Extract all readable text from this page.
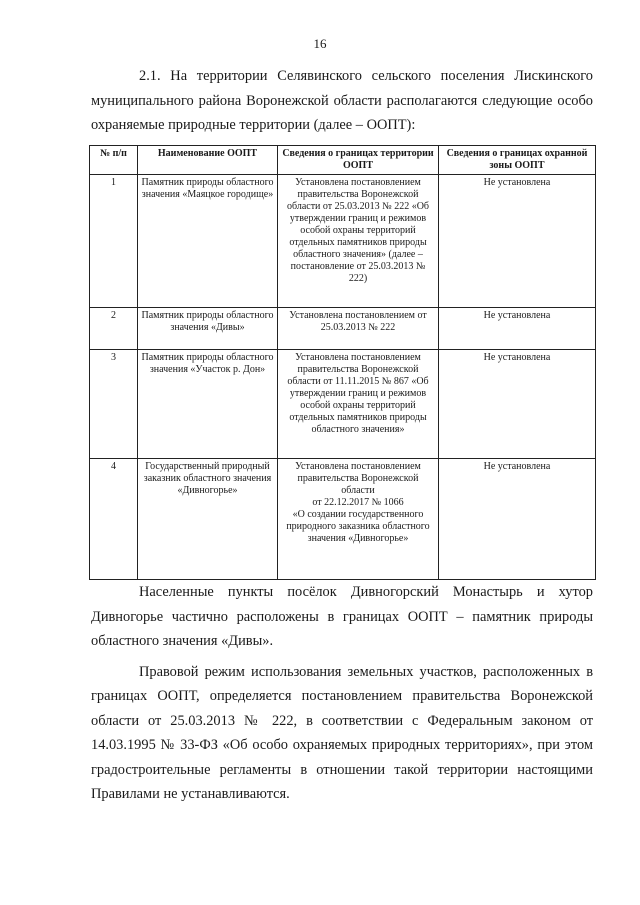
16

2.1. На территории Селявинского сельского поселения Лискинского муниципального района Воронежской области располагаются следующие особо охраняемые природные территории (далее – ООПТ):

№ п/п	Наименование ООПТ	Сведения о границах территории ООПТ	Сведения о границах охранной зоны ООПТ
1	Памятник природы областного значения «Маяцкое городище»	Установлена постановлением правительства Воронежской области от 25.03.2013 № 222 «Об утверждении границ и режимов особой охраны территорий отдельных памятников природы областного значения» (далее – постановление от 25.03.2013 № 222)	Не установлена
2	Памятник природы областного значения «Дивы»	Установлена постановлением от 25.03.2013 № 222	Не установлена
3	Памятник природы областного значения «Участок р. Дон»	Установлена постановлением правительства Воронежской области от 11.11.2015 № 867 «Об утверждении границ и режимов особой охраны территорий отдельных памятников природы областного значения»	Не установлена
4	Государственный природный заказник областного значения «Дивногорье»	Установлена постановлением правительства Воронежской области
от 22.12.2017 № 1066
«О создании государственного природного заказника областного значения «Дивногорье»	Не установлена

Населенные пункты посёлок Дивногорский Монастырь и хутор Дивногорье частично расположены в границах ООПТ – памятник природы областного значения «Дивы».

Правовой режим использования земельных участков, расположенных в границах ООПТ, определяется постановлением правительства Воронежской области от 25.03.2013 № 222, в соответствии с Федеральным законом от 14.03.1995 № 33-ФЗ «Об особо охраняемых природных территориях», при этом градостроительные регламенты в отношении такой территории настоящими Правилами не устанавливаются.
